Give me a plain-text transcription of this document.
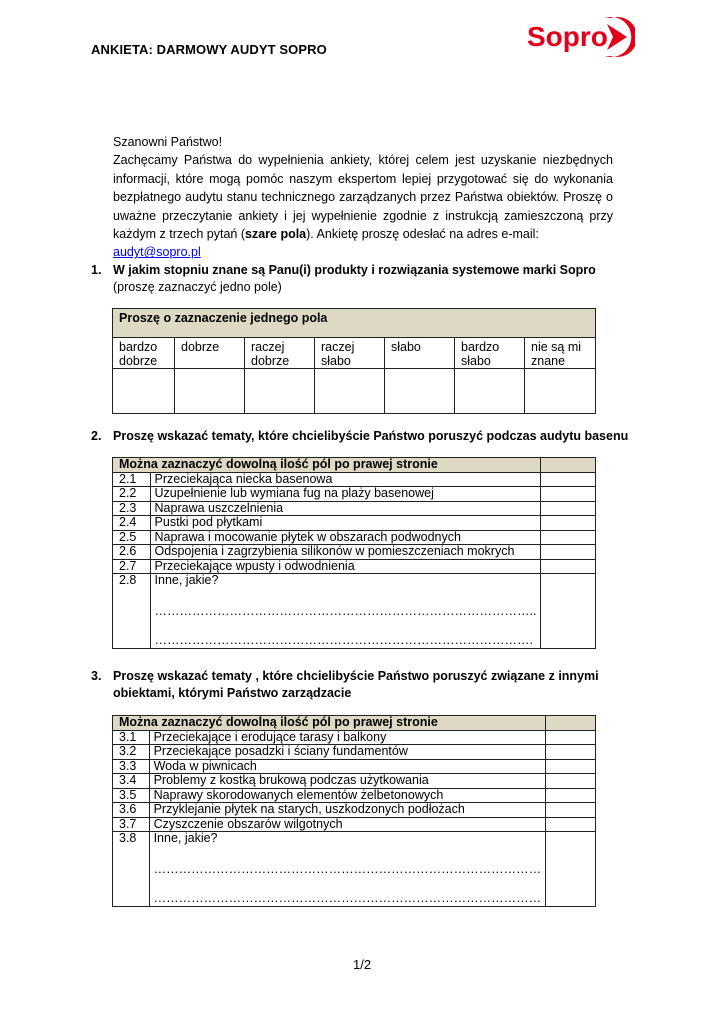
ANKIETA: DARMOWY AUDYT SOPRO	Sopro

Szanowni Państwo!

Zachęcamy Państwa do wypełnienia ankiety, której celem jest uzyskanie niezbędnych informacji, które mogą pomóc naszym ekspertom lepiej przygotować się do wykonania bezpłatnego audytu stanu technicznego zarządzanych przez Państwa obiektów. Proszę o uważne przeczytanie ankiety i jej wypełnienie zgodnie z instrukcją zamieszczoną przy każdym z trzech pytań (szare pola). Ankietę proszę odesłać na adres e-mail:

audyt@sopro.pl

1. W jakim stopniu znane są Panu(i) produkty i rozwiązania systemowe marki Sopro
(proszę zaznaczyć jedno pole)
Proszę o zaznaczenie jednego pola						
bardzo dobrze	dobrze	raczej dobrze	raczej słabo	słabo	bardzo słabo	nie są mi znane

2. Proszę wskazać tematy, które chcielibyście Państwo poruszyć podczas audytu basenu
Można zaznaczyć dowolną ilość pól po prawej stronie		
2.1	Przeciekająca niecka basenowa	
2.2	Uzupełnienie lub wymiana fug na plaży basenowej	
2.3	Naprawa uszczelnienia	
2.4	Pustki pod płytkami	
2.5	Naprawa i mocowanie płytek w obszarach podwodnych	
2.6	Odspojenia i zagrzybienia silikonów w pomieszczeniach mokrych	
2.7	Przeciekające wpusty i odwodnienia	
2.8	Inne, jakie?
………………………………………………………………………………..
……………………………………………………………………………….	

3. Proszę wskazać tematy , które chcielibyście Państwo poruszyć związane z innymi
obiektami, którymi Państwo zarządzacie
Można zaznaczyć dowolną ilość pól po prawej stronie		
3.1	Przeciekające i erodujące tarasy i balkony	
3.2	Przeciekające posadzki i ściany fundamentów	
3.3	Woda w piwnicach	
3.4	Problemy z kostką brukową podczas użytkowania	
3.5	Naprawy skorodowanych elementów żelbetonowych	
3.6	Przyklejanie płytek na starych, uszkodzonych podłożach	
3.7	Czyszczenie obszarów wilgotnych	
3.8	Inne, jakie?
…………………………………………………………………………………
…………………………………………………………………………………	

1/2
